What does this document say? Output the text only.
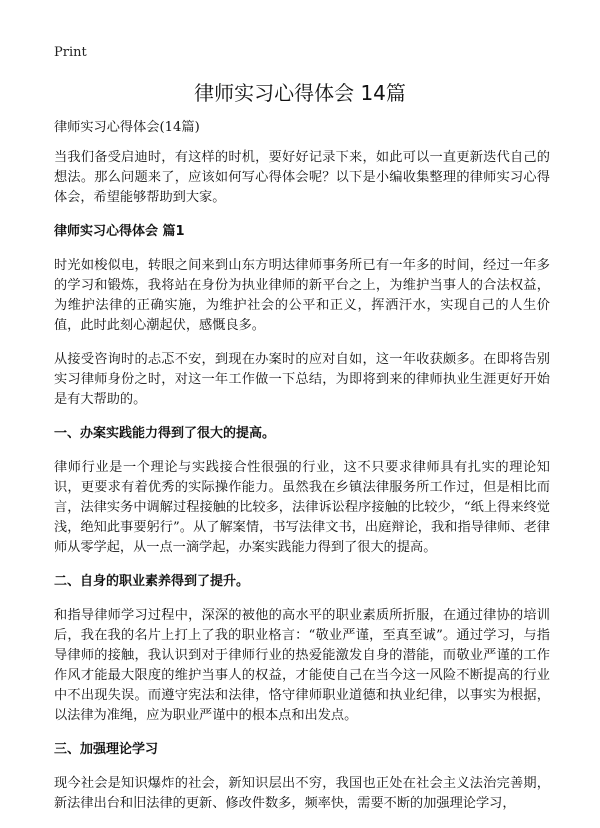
Print
律师实习心得体会 14篇

律师实习心得体会(14篇)

当我们备受启迪时，有这样的时机，要好好记录下来，如此可以一直更新迭代自己的想法。那么问题来了，应该如何写心得体会呢？以下是小编收集整理的律师实习心得体会，希望能够帮助到大家。

律师实习心得体会 篇1

时光如梭似电，转眼之间来到山东方明达律师事务所已有一年多的时间，经过一年多的学习和锻炼，我将站在身份为执业律师的新平台之上，为维护当事人的合法权益，为维护法律的正确实施，为维护社会的公平和正义，挥洒汗水，实现自己的人生价值，此时此刻心潮起伏，感慨良多。

从接受咨询时的忐忑不安，到现在办案时的应对自如，这一年收获颇多。在即将告别实习律师身份之时，对这一年工作做一下总结，为即将到来的律师执业生涯更好开始是有大帮助的。

一、办案实践能力得到了很大的提高。

律师行业是一个理论与实践接合性很强的行业，这不只要求律师具有扎实的理论知识，更要求有着优秀的实际操作能力。虽然我在乡镇法律服务所工作过，但是相比而言，法律实务中调解过程接触的比较多，法律诉讼程序接触的比较少，“纸上得来终觉浅，绝知此事要躬行”。从了解案情，书写法律文书，出庭辩论，我和指导律师、老律师从零学起，从一点一滴学起，办案实践能力得到了很大的提高。

二、自身的职业素养得到了提升。

和指导律师学习过程中，深深的被他的高水平的职业素质所折服，在通过律协的培训后，我在我的名片上打上了我的职业格言：“敬业严谨，至真至诚”。通过学习，与指导律师的接触，我认识到对于律师行业的热爱能激发自身的潜能，而敬业严谨的工作作风才能最大限度的维护当事人的权益，才能使自己在当今这一风险不断提高的行业中不出现失误。而遵守宪法和法律，恪守律师职业道德和执业纪律，以事实为根据，以法律为准绳，应为职业严谨中的根本点和出发点。

三、加强理论学习

现今社会是知识爆炸的社会，新知识层出不穷，我国也正处在社会主义法治完善期，新法律出台和旧法律的更新、修改件数多，频率快，需要不断的加强理论学习，
